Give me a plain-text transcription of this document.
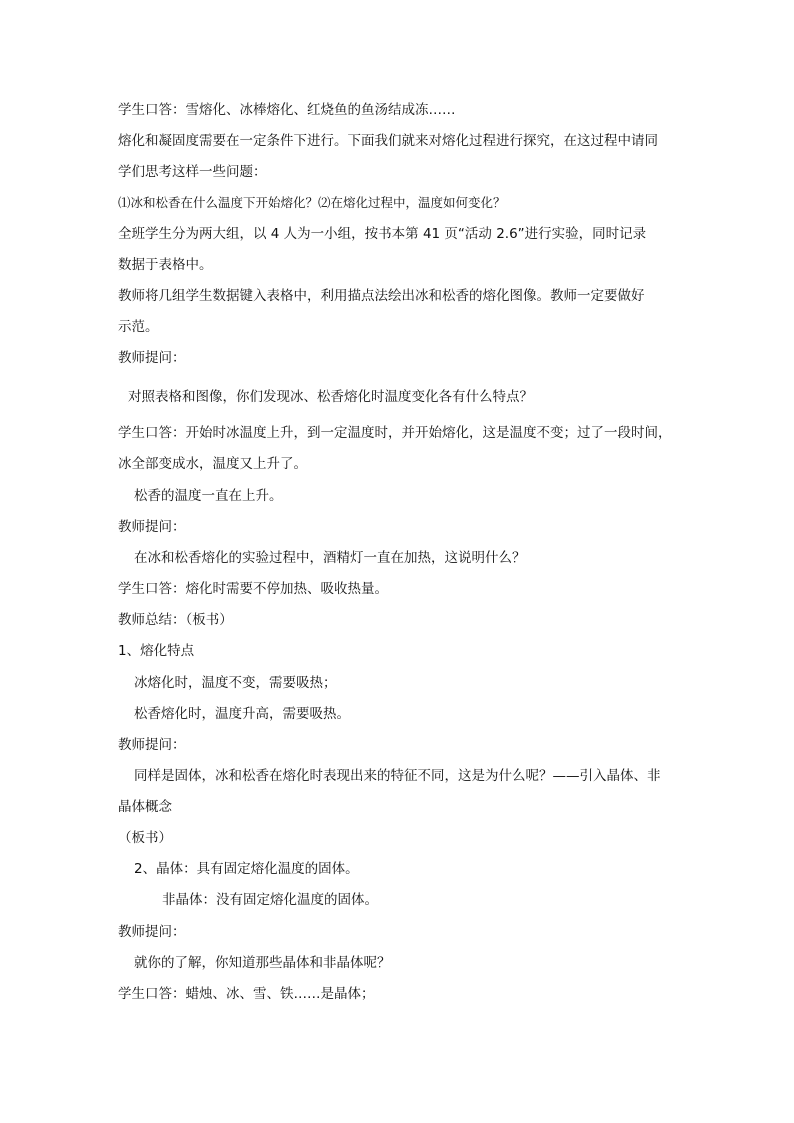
学生口答：雪熔化、冰棒熔化、红烧鱼的鱼汤结成冻……
熔化和凝固度需要在一定条件下进行。下面我们就来对熔化过程进行探究，在这过程中请同
学们思考这样一些问题：
⑴冰和松香在什么温度下开始熔化？⑵在熔化过程中，温度如何变化？
全班学生分为两大组，以 4 人为一小组，按书本第 41 页“活动 2.6”进行实验，同时记录
数据于表格中。
教师将几组学生数据键入表格中，利用描点法绘出冰和松香的熔化图像。教师一定要做好
示范。
教师提问：
对照表格和图像，你们发现冰、松香熔化时温度变化各有什么特点？
学生口答：开始时冰温度上升，到一定温度时，并开始熔化，这是温度不变；过了一段时间，
冰全部变成水，温度又上升了。
松香的温度一直在上升。
教师提问：
在冰和松香熔化的实验过程中，酒精灯一直在加热，这说明什么？
学生口答：熔化时需要不停加热、吸收热量。
教师总结：（板书）
1、熔化特点
冰熔化时，温度不变，需要吸热；
松香熔化时，温度升高，需要吸热。
教师提问：
同样是固体，冰和松香在熔化时表现出来的特征不同，这是为什么呢？——引入晶体、非
晶体概念
（板书）
2、晶体：具有固定熔化温度的固体。
非晶体：没有固定熔化温度的固体。
教师提问：
就你的了解，你知道那些晶体和非晶体呢？
学生口答：蜡烛、冰、雪、铁……是晶体；
